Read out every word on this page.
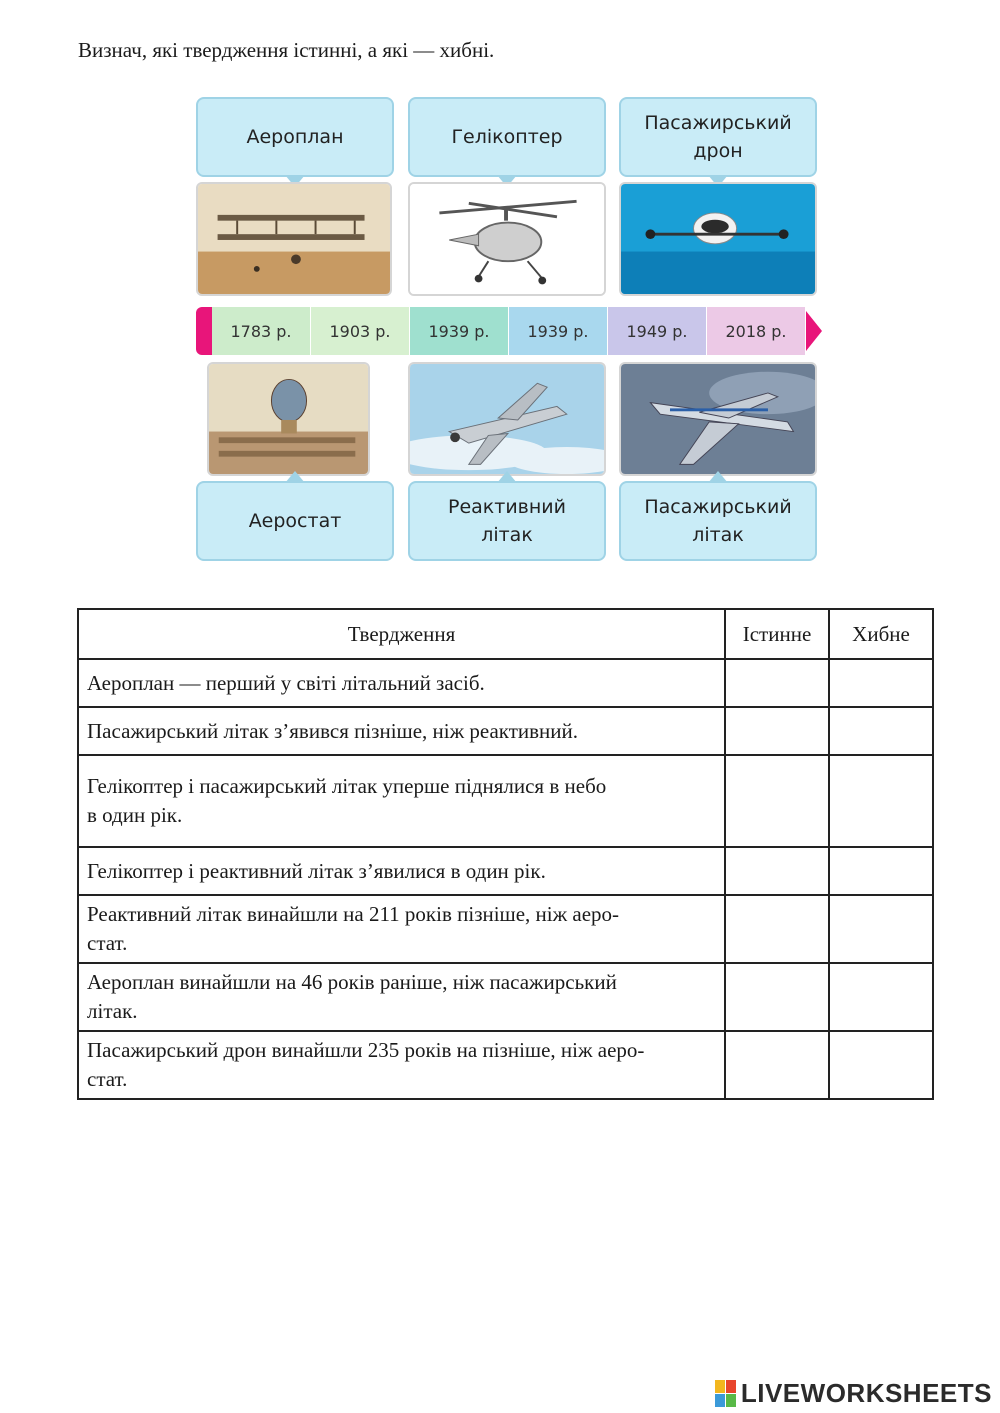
Визнач, які твердження істинні, а які — хибні.
Аероплан	Гелікоптер
Пасажирський
дрон
1783 р.	1903 р.	1939 р.	1939 р.	1949 р.	2018 р.
Аеростат
Реактивний
літак
Пасажирський
літак
Твердження	Істинне	Хибне
Аероплан — перший у світі літальний засіб.		
Пасажирський літак з’явився пізніше, ніж реактивний.		
Гелікоптер і пасажирський літак уперше піднялися в небо
в один рік.		
Гелікоптер і реактивний літак з’явилися в один рік.		
Реактивний літак винайшли на 211 років пізніше, ніж аеро-
стат.		
Аероплан винайшли на 46 років раніше, ніж пасажирський
літак.		
Пасажирський дрон винайшли 235 років на пізніше, ніж аеро-
стат.		
LIVEWORKSHEETS
